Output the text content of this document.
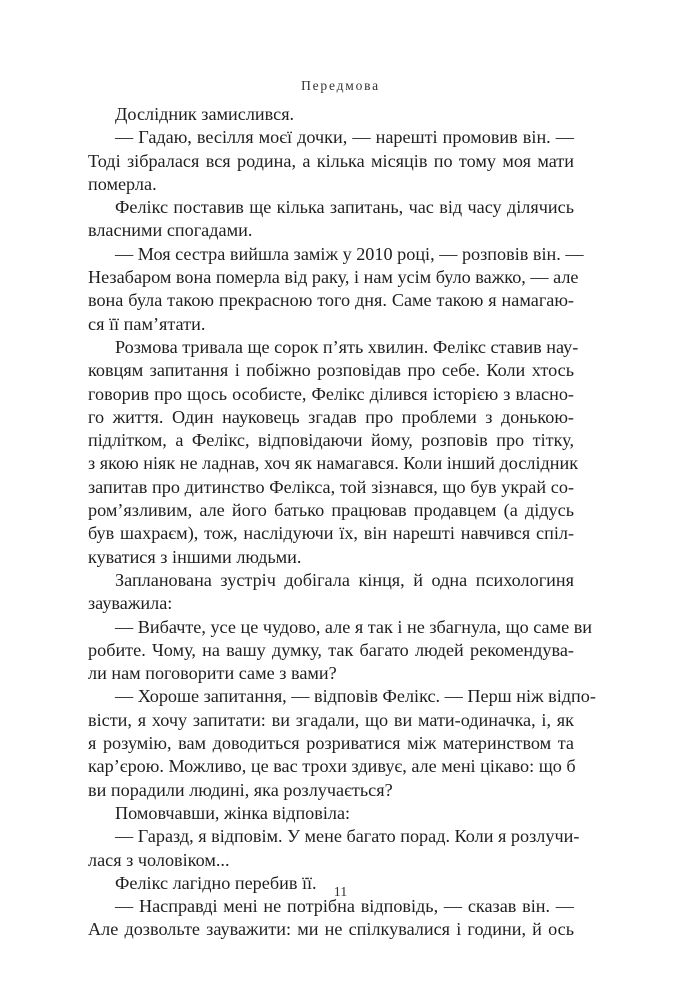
Передмова
Дослідник замислився.
— Гадаю, весілля моєї дочки, — нарешті промовив він. —
Тоді зібралася вся родина, а кілька місяців по тому моя мати
померла.
Фелікс поставив ще кілька запитань, час від часу ділячись
власними спогадами.
— Моя сестра вийшла заміж у 2010 році, — розповів він. —
Незабаром вона померла від раку, і нам усім було важко, — але
вона була такою прекрасною того дня. Саме такою я намагаю-
ся її пам’ятати.
Розмова тривала ще сорок п’ять хвилин. Фелікс ставив нау-
ковцям запитання і побіжно розповідав про себе. Коли хтось
говорив про щось особисте, Фелікс ділився історією з власно-
го життя. Один науковець згадав про проблеми з донькою-
підлітком, а Фелікс, відповідаючи йому, розповів про тітку,
з якою ніяк не ладнав, хоч як намагався. Коли інший дослідник
запитав про дитинство Фелікса, той зізнався, що був украй со-
ром’язливим, але його батько працював продавцем (а дідусь
був шахраєм), тож, наслідуючи їх, він нарешті навчився спіл-
куватися з іншими людьми.
Запланована зустріч добігала кінця, й одна психологиня
зауважила:
— Вибачте, усе це чудово, але я так і не збагнула, що саме ви
робите. Чому, на вашу думку, так багато людей рекомендува-
ли нам поговорити саме з вами?
— Хороше запитання, — відповів Фелікс. — Перш ніж відпо-
вісти, я хочу запитати: ви згадали, що ви мати-одиначка, і, як
я розумію, вам доводиться розриватися між материнством та
кар’єрою. Можливо, це вас трохи здивує, але мені цікаво: що б
ви порадили людині, яка розлучається?
Помовчавши, жінка відповіла:
— Гаразд, я відповім. У мене багато порад. Коли я розлучи-
лася з чоловіком...
Фелікс лагідно перебив її.
— Насправді мені не потрібна відповідь, — сказав він. —
Але дозвольте зауважити: ми не спілкувалися і години, й ось
11
